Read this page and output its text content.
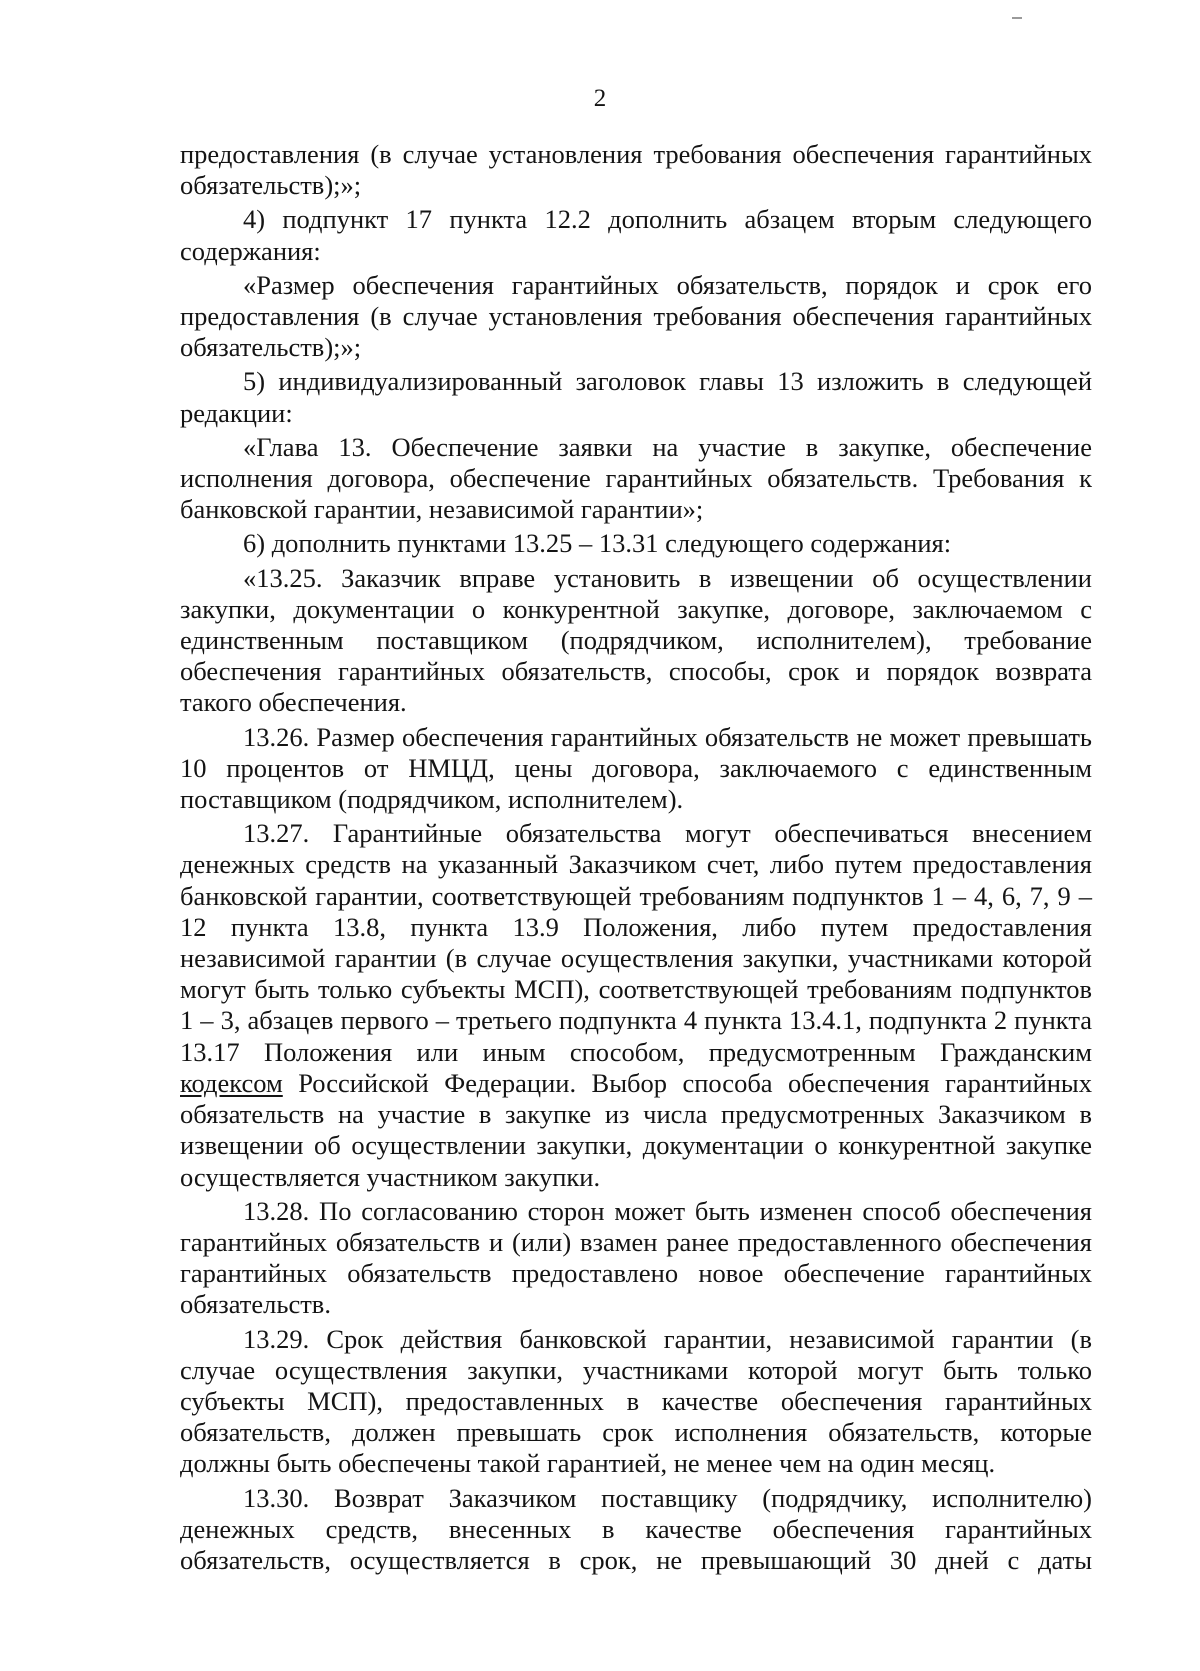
2

предоставления (в случае установления требования обеспечения гарантийных обязательств);»;

4) подпункт 17 пункта 12.2 дополнить абзацем вторым следующего содержания:

«Размер обеспечения гарантийных обязательств, порядок и срок его предоставления (в случае установления требования обеспечения гарантийных обязательств);»;

5) индивидуализированный заголовок главы 13 изложить в следующей редакции:

«Глава 13. Обеспечение заявки на участие в закупке, обеспечение исполнения договора, обеспечение гарантийных обязательств. Требования к банковской гарантии, независимой гарантии»;

6) дополнить пунктами 13.25 – 13.31 следующего содержания:

«13.25. Заказчик вправе установить в извещении об осуществлении закупки, документации о конкурентной закупке, договоре, заключаемом с единственным поставщиком (подрядчиком, исполнителем), требование обеспечения гарантийных обязательств, способы, срок и порядок возврата такого обеспечения.

13.26. Размер обеспечения гарантийных обязательств не может превышать 10 процентов от НМЦД, цены договора, заключаемого с единственным поставщиком (подрядчиком, исполнителем).

13.27. Гарантийные обязательства могут обеспечиваться внесением денежных средств на указанный Заказчиком счет, либо путем предоставления банковской гарантии, соответствующей требованиям подпунктов 1 – 4, 6, 7, 9 – 12 пункта 13.8, пункта 13.9 Положения, либо путем предоставления независимой гарантии (в случае осуществления закупки, участниками которой могут быть только субъекты МСП), соответствующей требованиям подпунктов 1 – 3, абзацев первого – третьего подпункта 4 пункта 13.4.1, подпункта 2 пункта 13.17 Положения или иным способом, предусмотренным Гражданским кодексом Российской Федерации. Выбор способа обеспечения гарантийных обязательств на участие в закупке из числа предусмотренных Заказчиком в извещении об осуществлении закупки, документации о конкурентной закупке осуществляется участником закупки.

13.28. По согласованию сторон может быть изменен способ обеспечения гарантийных обязательств и (или) взамен ранее предоставленного обеспечения гарантийных обязательств предоставлено новое обеспечение гарантийных обязательств.

13.29. Срок действия банковской гарантии, независимой гарантии (в случае осуществления закупки, участниками которой могут быть только субъекты МСП), предоставленных в качестве обеспечения гарантийных обязательств, должен превышать срок исполнения обязательств, которые должны быть обеспечены такой гарантией, не менее чем на один месяц.

13.30. Возврат Заказчиком поставщику (подрядчику, исполнителю) денежных средств, внесенных в качестве обеспечения гарантийных обязательств, осуществляется в срок, не превышающий 30 дней с даты
